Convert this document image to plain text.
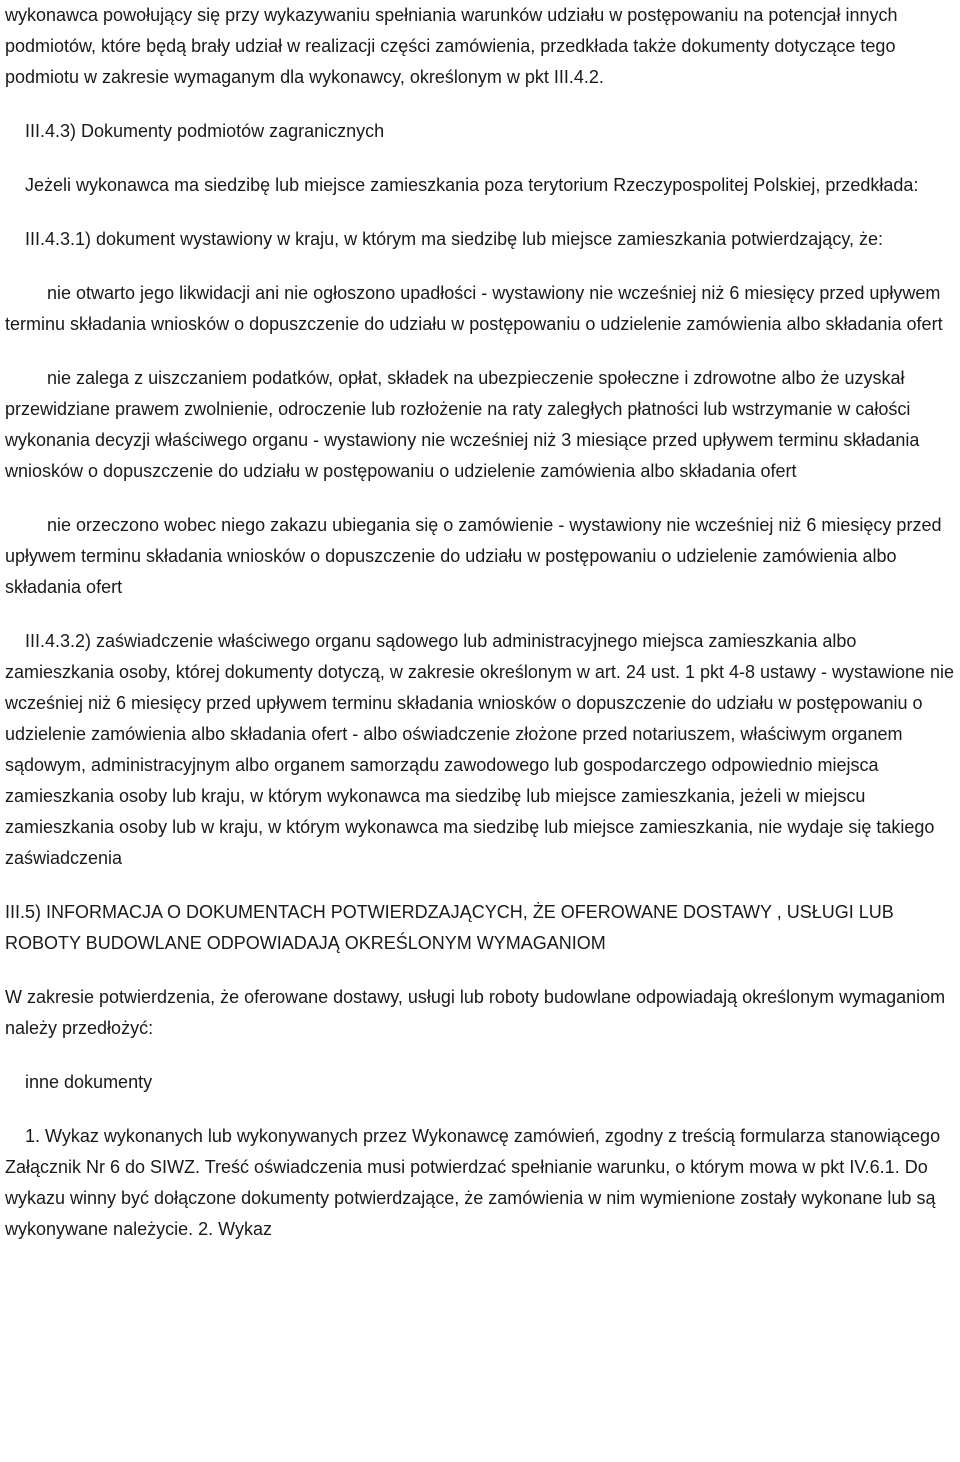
wykonawca powołujący się przy wykazywaniu spełniania warunków udziału w postępowaniu na potencjał innych podmiotów, które będą brały udział w realizacji części zamówienia, przedkłada także dokumenty dotyczące tego podmiotu w zakresie wymaganym dla wykonawcy, określonym w pkt III.4.2.

III.4.3) Dokumenty podmiotów zagranicznych

Jeżeli wykonawca ma siedzibę lub miejsce zamieszkania poza terytorium Rzeczypospolitej Polskiej, przedkłada:

III.4.3.1) dokument wystawiony w kraju, w którym ma siedzibę lub miejsce zamieszkania potwierdzający, że:

nie otwarto jego likwidacji ani nie ogłoszono upadłości - wystawiony nie wcześniej niż 6 miesięcy przed upływem terminu składania wniosków o dopuszczenie do udziału w postępowaniu o udzielenie zamówienia albo składania ofert

nie zalega z uiszczaniem podatków, opłat, składek na ubezpieczenie społeczne i zdrowotne albo że uzyskał przewidziane prawem zwolnienie, odroczenie lub rozłożenie na raty zaległych płatności lub wstrzymanie w całości wykonania decyzji właściwego organu - wystawiony nie wcześniej niż 3 miesiące przed upływem terminu składania wniosków o dopuszczenie do udziału w postępowaniu o udzielenie zamówienia albo składania ofert

nie orzeczono wobec niego zakazu ubiegania się o zamówienie - wystawiony nie wcześniej niż 6 miesięcy przed upływem terminu składania wniosków o dopuszczenie do udziału w postępowaniu o udzielenie zamówienia albo składania ofert

III.4.3.2) zaświadczenie właściwego organu sądowego lub administracyjnego miejsca zamieszkania albo zamieszkania osoby, której dokumenty dotyczą, w zakresie określonym w art. 24 ust. 1 pkt 4-8 ustawy - wystawione nie wcześniej niż 6 miesięcy przed upływem terminu składania wniosków o dopuszczenie do udziału w postępowaniu o udzielenie zamówienia albo składania ofert - albo oświadczenie złożone przed notariuszem, właściwym organem sądowym, administracyjnym albo organem samorządu zawodowego lub gospodarczego odpowiednio miejsca zamieszkania osoby lub kraju, w którym wykonawca ma siedzibę lub miejsce zamieszkania, jeżeli w miejscu zamieszkania osoby lub w kraju, w którym wykonawca ma siedzibę lub miejsce zamieszkania, nie wydaje się takiego zaświadczenia

III.5) INFORMACJA O DOKUMENTACH POTWIERDZAJĄCYCH, ŻE OFEROWANE DOSTAWY , USŁUGI LUB ROBOTY BUDOWLANE ODPOWIADAJĄ OKREŚLONYM WYMAGANIOM

W zakresie potwierdzenia, że oferowane dostawy, usługi lub roboty budowlane odpowiadają określonym wymaganiom należy przedłożyć:

inne dokumenty

1. Wykaz wykonanych lub wykonywanych przez Wykonawcę zamówień, zgodny z treścią formularza stanowiącego Załącznik Nr 6 do SIWZ. Treść oświadczenia musi potwierdzać spełnianie warunku, o którym mowa w pkt IV.6.1. Do wykazu winny być dołączone dokumenty potwierdzające, że zamówienia w nim wymienione zostały wykonane lub są wykonywane należycie. 2. Wykaz
